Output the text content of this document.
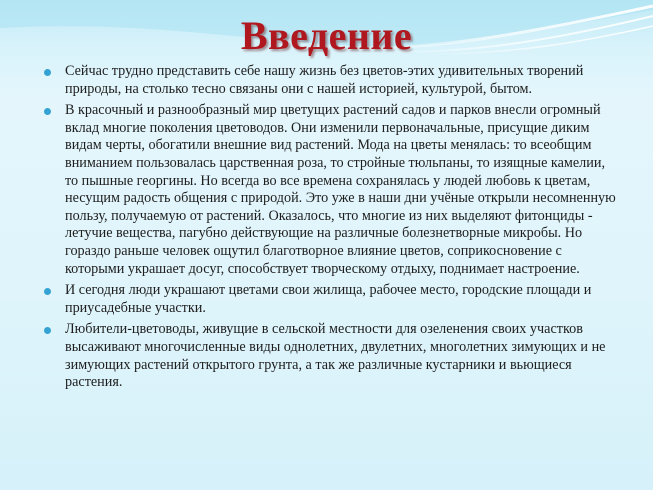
Введение
Сейчас трудно представить себе нашу жизнь без цветов-этих удивительных творений природы, на столько тесно связаны они с нашей историей, культурой, бытом.
В красочный и разнообразный мир цветущих растений садов и парков внесли огромный вклад многие поколения цветоводов. Они изменили первоначальные, присущие диким видам черты, обогатили внешние вид растений. Мода на цветы менялась: то всеобщим вниманием пользовалась царственная роза, то стройные тюльпаны, то изящные камелии, то пышные георгины. Но всегда во все времена сохранялась у людей любовь к цветам, несущим радость общения с природой. Это уже в наши дни учёные открыли несомненную пользу, получаемую от растений. Оказалось, что многие из них выделяют фитонциды - летучие вещества, пагубно действующие на различные болезнетворные микробы. Но гораздо раньше человек ощутил благотворное влияние цветов, соприкосновение с которыми украшает досуг, способствует творческому отдыху, поднимает настроение.
И сегодня люди украшают цветами свои жилища, рабочее место, городские площади и приусадебные участки.
Любители-цветоводы, живущие в сельской местности для озеленения своих участков высаживают многочисленные виды однолетних, двулетних, многолетних зимующих и не зимующих растений открытого грунта, а так же различные кустарники и вьющиеся растения.
